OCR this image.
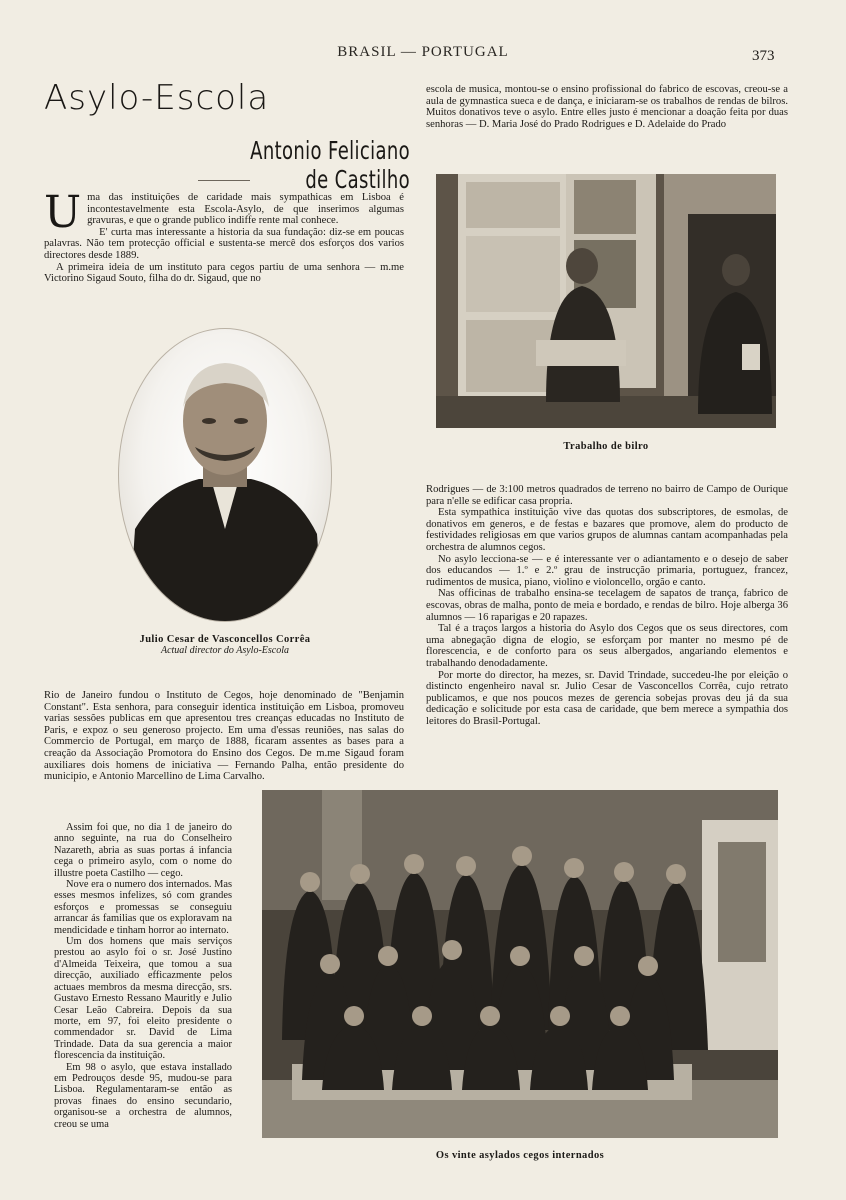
BRASIL — PORTUGAL	373
Asylo-Escola
Antonio Feliciano de Castilho

Uma das instituições de caridade mais sympathicas em Lisboa é incontestavelmente esta Escola-Asylo, de que inserimos algumas gravuras, e que o grande publico indiffe rente mal conhece.

E' curta mas interessante a historia da sua fundação: diz-se em poucas palavras. Não tem protecção official e sustenta-se mercê dos esforços dos varios directores desde 1889.

A primeira ideia de um instituto para cegos partiu de uma senhora — m.me Victorino Sigaud Souto, filha do dr. Sigaud, que no

Julio Cesar de Vasconcellos Corrêa
Actual director do Asylo-Escola

Rio de Janeiro fundou o Instituto de Cegos, hoje denominado de "Benjamin Constant". Esta senhora, para conseguir identica instituição em Lisboa, promoveu varias sessões publicas em que apresentou tres creanças educadas no Instituto de Paris, e expoz o seu generoso projecto. Em uma d'essas reuniões, nas salas do Commercio de Portugal, em março de 1888, ficaram assentes as bases para a creação da Associação Promotora do Ensino dos Cegos. De m.me Sigaud foram auxiliares dois homens de iniciativa — Fernando Palha, então presidente do municipio, e Antonio Marcellino de Lima Carvalho.

Assim foi que, no dia 1 de janeiro do anno seguinte, na rua do Conselheiro Nazareth, abria as suas portas á infancia cega o primeiro asylo, com o nome do illustre poeta Castilho — cego.

Nove era o numero dos internados. Mas esses mesmos infelizes, só com grandes esforços e promessas se conseguiu arrancar ás familias que os exploravam na mendicidade e tinham horror ao internato.

Um dos homens que mais serviços prestou ao asylo foi o sr. José Justino d'Almeida Teixeira, que tomou a sua direcção, auxiliado efficazmente pelos actuaes membros da mesma direcção, srs. Gustavo Ernesto Ressano Mauritly e Julio Cesar Leão Cabreira. Depois da sua morte, em 97, foi eleito presidente o commendador sr. David de Lima Trindade. Data da sua gerencia a maior florescencia da instituição.

Em 98 o asylo, que estava installado em Pedrouços desde 95, mudou-se para Lisboa. Regulamentaram-se então as provas finaes do ensino secundario, organisou-se a orchestra de alumnos, creou se uma

escola de musica, montou-se o ensino profissional do fabrico de escovas, creou-se a aula de gymnastica sueca e de dança, e iniciaram-se os trabalhos de rendas de bilros. Muitos donativos teve o asylo. Entre elles justo é mencionar a doação feita por duas senhoras — D. Maria José do Prado Rodrigues e D. Adelaide do Prado

Trabalho de bilro

Rodrigues — de 3:100 metros quadrados de terreno no bairro de Campo de Ourique para n'elle se edificar casa propria.

Esta sympathica instituição vive das quotas dos subscriptores, de esmolas, de donativos em generos, e de festas e bazares que promove, alem do producto de festividades religiosas em que varios grupos de alumnas cantam acompanhadas pela orchestra de alumnos cegos.

No asylo lecciona-se — e é interessante ver o adiantamento e o desejo de saber dos educandos — 1.º e 2.º grau de instrucção primaria, portuguez, francez, rudimentos de musica, piano, violino e violoncello, orgão e canto.

Nas officinas de trabalho ensina-se tecelagem de sapatos de trança, fabrico de escovas, obras de malha, ponto de meia e bordado, e rendas de bilro. Hoje alberga 36 alumnos — 16 raparigas e 20 rapazes.

Tal é a traços largos a historia do Asylo dos Cegos que os seus directores, com uma abnegação digna de elogio, se esforçam por manter no mesmo pé de florescencia, e de conforto para os seus albergados, angariando elementos e trabalhando denodadamente.

Por morte do director, ha mezes, sr. David Trindade, succedeu-lhe por eleição o distincto engenheiro naval sr. Julio Cesar de Vasconcellos Corrêa, cujo retrato publicamos, e que nos poucos mezes de gerencia sobejas provas deu já da sua dedicação e solicitude por esta casa de caridade, que bem merece a sympathia dos leitores do Brasil-Portugal.

Os vinte asylados cegos internados
